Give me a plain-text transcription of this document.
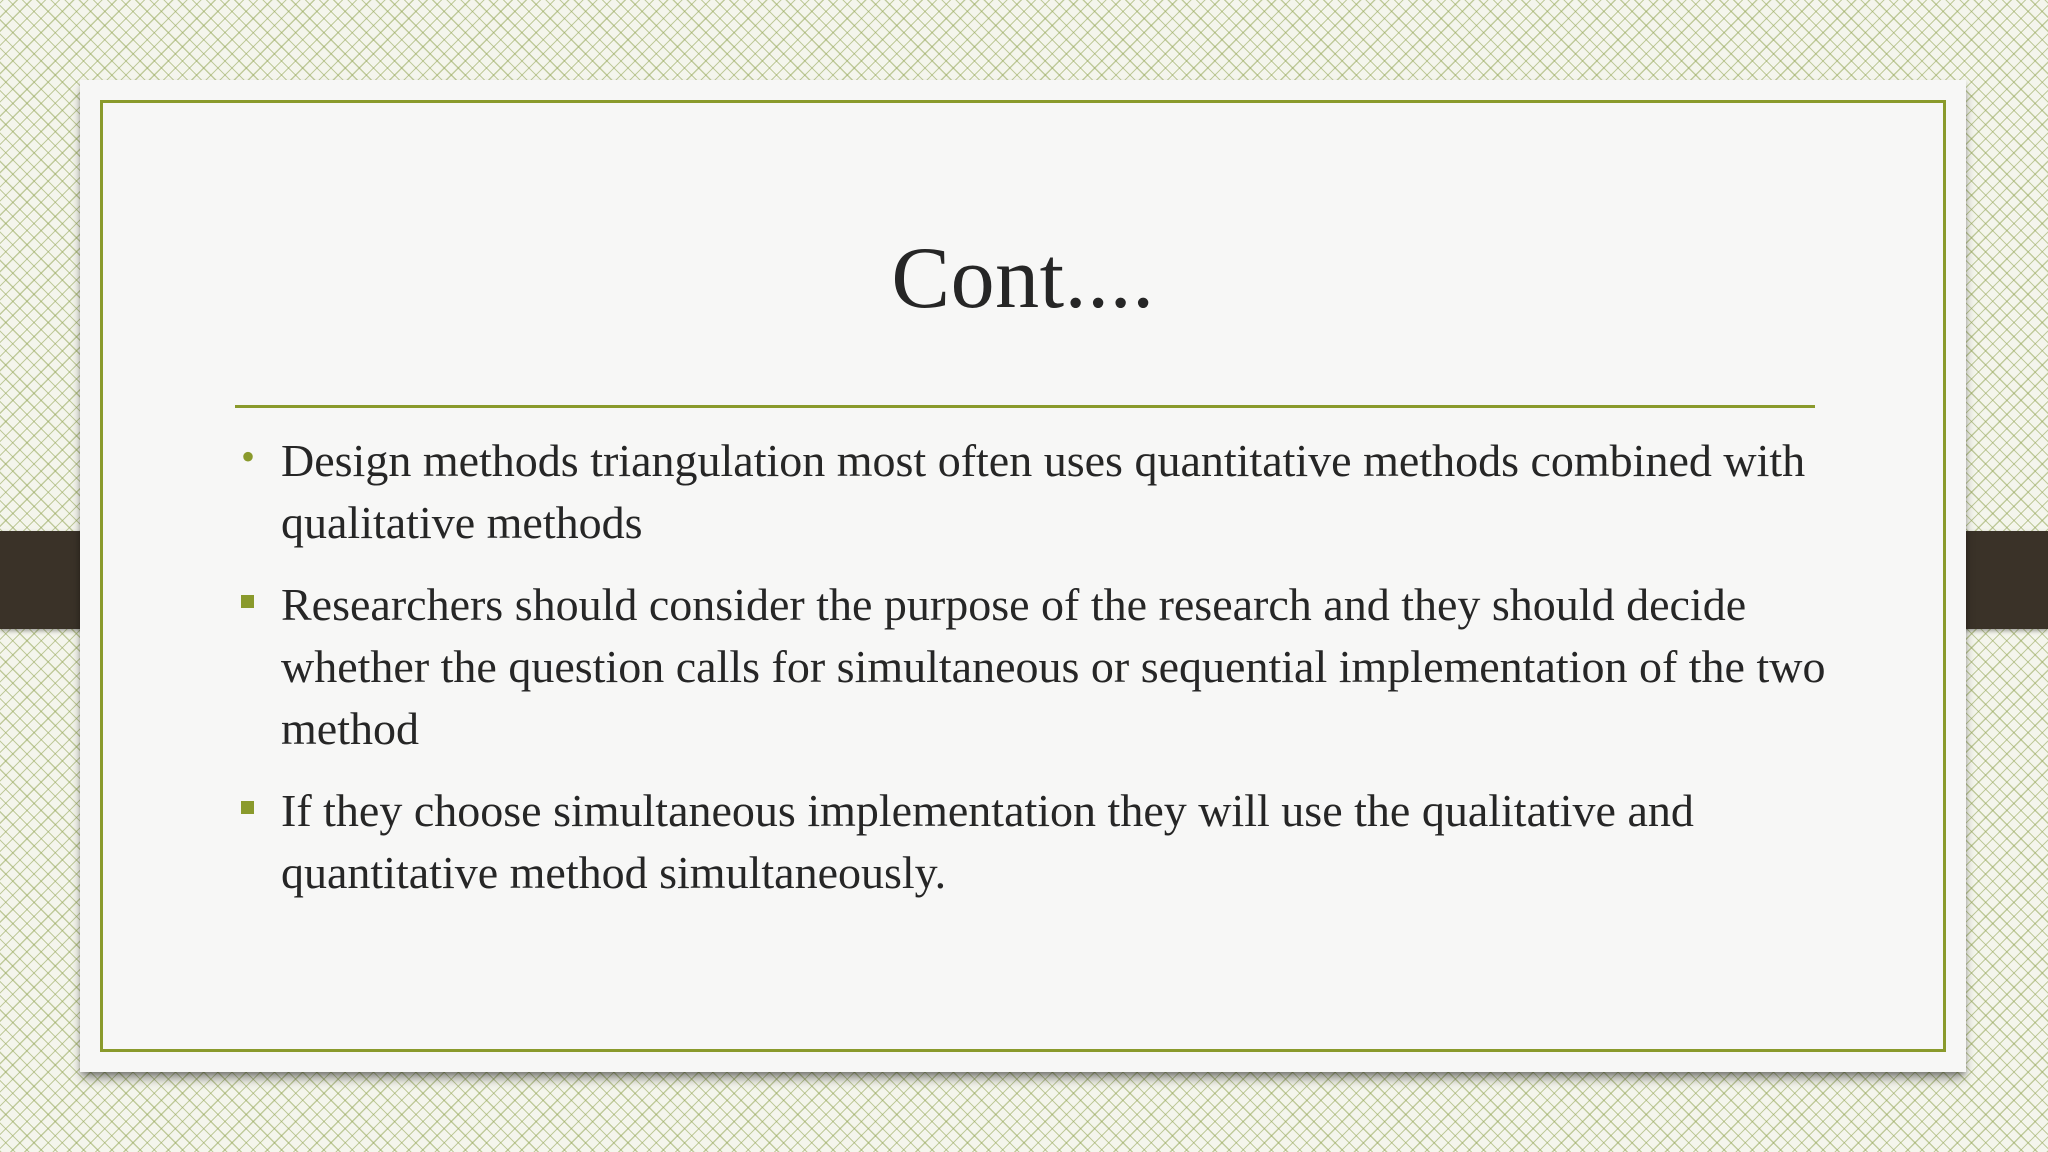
Cont....
• Design methods triangulation most often uses quantitative methods combined with qualitative methods
Researchers should consider the purpose of the research and they should decide whether the question calls for simultaneous or sequential implementation of the two method
If they choose simultaneous implementation they will use the qualitative and quantitative method simultaneously.
